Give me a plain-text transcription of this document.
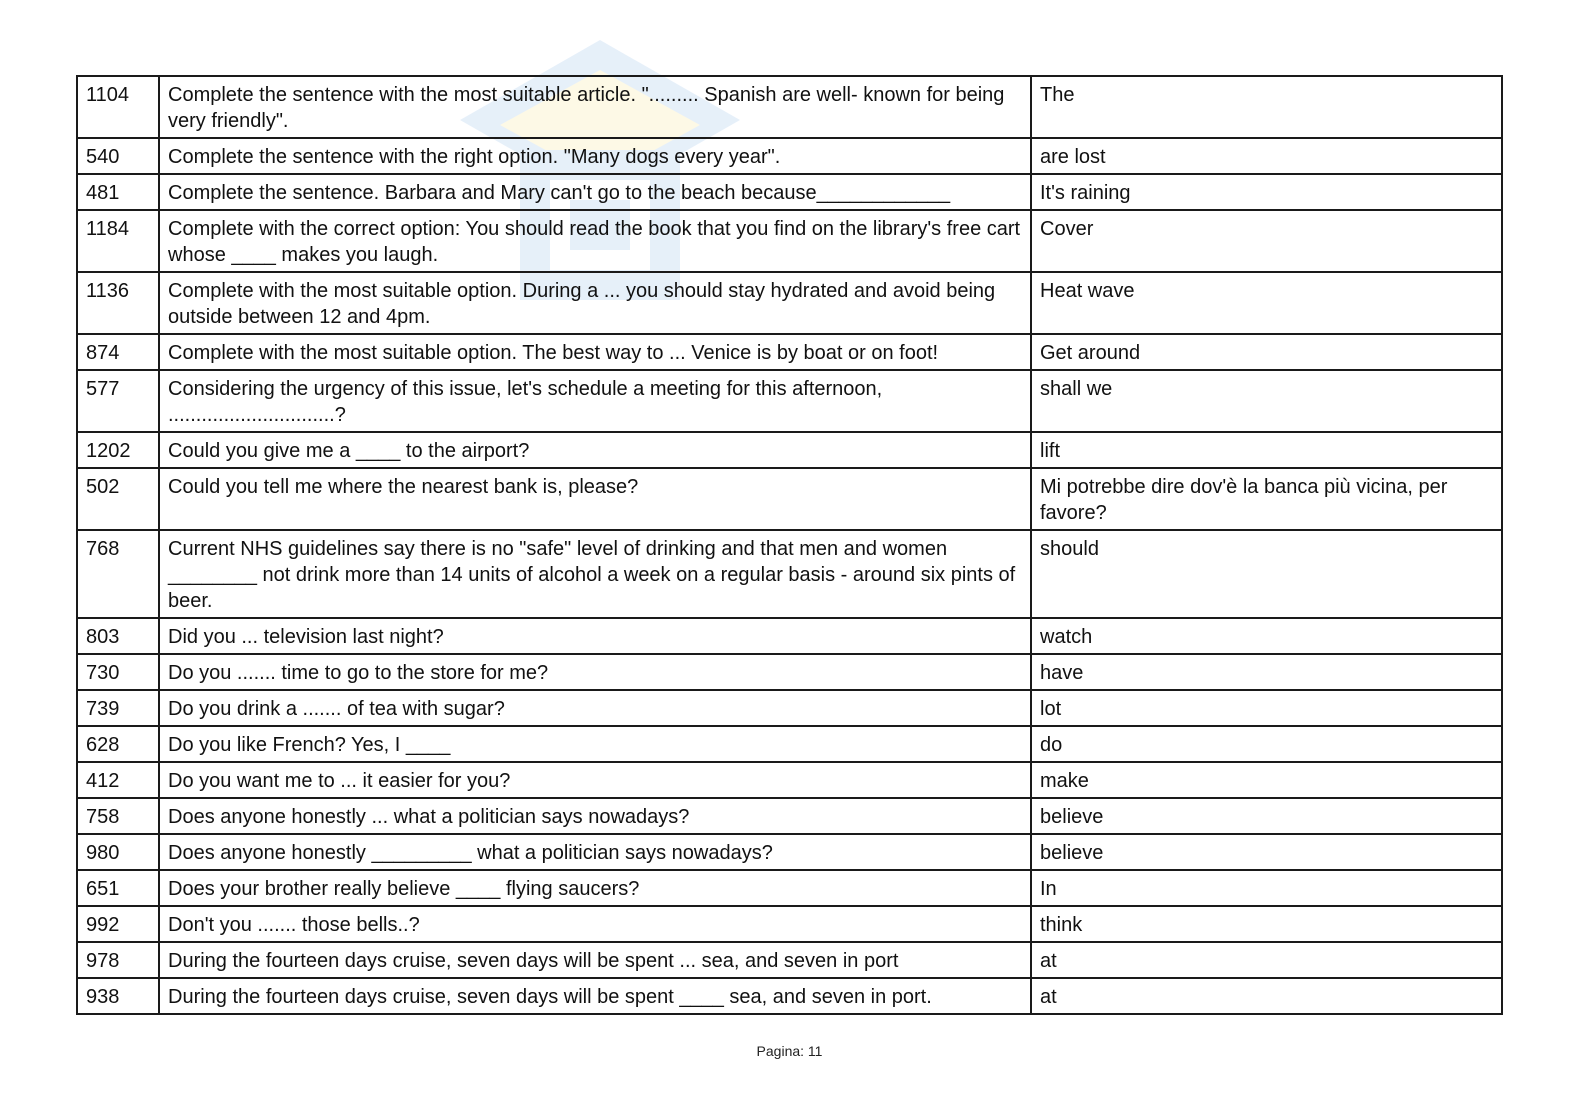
1104	Complete the sentence with the most suitable article. "......... Spanish are well- known for being very friendly".	The
540	Complete the sentence with the right option. "Many dogs every year".	are lost
481	Complete the sentence. Barbara and Mary can't go to the beach because____________	It's raining
1184	Complete with the correct option: You should read the book that you find on the library's free cart whose ____ makes you laugh.	Cover
1136	Complete with the most suitable option. During a ... you should stay hydrated and avoid being outside between 12 and 4pm.	Heat wave
874	Complete with the most suitable option. The best way to ... Venice is by boat or on foot!	Get around
577	Considering the urgency of this issue, let's schedule a meeting for this afternoon, ..............................?	shall we
1202	Could you give me a ____ to the airport?	lift
502	Could you tell me where the nearest bank is, please?	Mi potrebbe dire dov'è la banca più vicina, per favore?
768	Current NHS guidelines say there is no "safe" level of drinking and that men and women ________ not drink more than 14 units of alcohol a week on a regular basis - around six pints of beer.	should
803	Did you ... television last night?	watch
730	Do you ....... time to go to the store for me?	have
739	Do you drink a ....... of tea with sugar?	lot
628	Do you like French? Yes, I ____	do
412	Do you want me to ... it easier for you?	make
758	Does anyone honestly ... what a politician says nowadays?	believe
980	Does anyone honestly _________ what a politician says nowadays?	believe
651	Does your brother really believe ____ flying saucers?	In
992	Don't you ....... those bells..?	think
978	During the fourteen days cruise, seven days will be spent ... sea, and seven in port	at
938	During the fourteen days cruise, seven days will be spent ____ sea, and seven in port.	at
Pagina: 11
